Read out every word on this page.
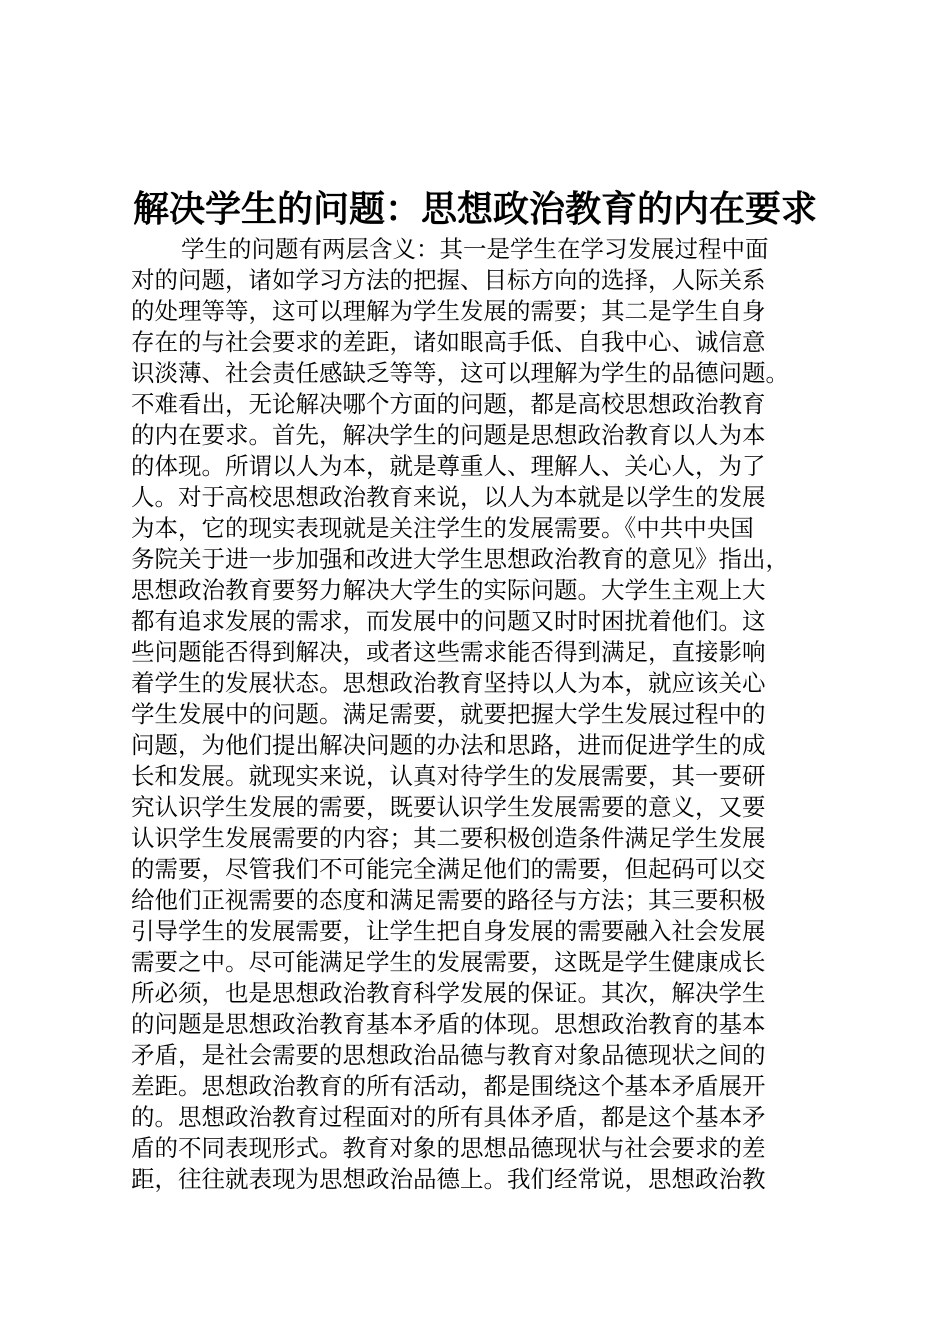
解决学生的问题：思想政治教育的内在要求
学生的问题有两层含义：其一是学生在学习发展过程中面
对的问题，诸如学习方法的把握、目标方向的选择，人际关系
的处理等等，这可以理解为学生发展的需要；其二是学生自身
存在的与社会要求的差距，诸如眼高手低、自我中心、诚信意
识淡薄、社会责任感缺乏等等，这可以理解为学生的品德问题。
不难看出，无论解决哪个方面的问题，都是高校思想政治教育
的内在要求。首先，解决学生的问题是思想政治教育以人为本
的体现。所谓以人为本，就是尊重人、理解人、关心人，为了
人。对于高校思想政治教育来说，以人为本就是以学生的发展
为本，它的现实表现就是关注学生的发展需要。《中共中央国
务院关于进一步加强和改进大学生思想政治教育的意见》指出，
思想政治教育要努力解决大学生的实际问题。大学生主观上大
都有追求发展的需求，而发展中的问题又时时困扰着他们。这
些问题能否得到解决，或者这些需求能否得到满足，直接影响
着学生的发展状态。思想政治教育坚持以人为本，就应该关心
学生发展中的问题。满足需要，就要把握大学生发展过程中的
问题，为他们提出解决问题的办法和思路，进而促进学生的成
长和发展。就现实来说，认真对待学生的发展需要，其一要研
究认识学生发展的需要，既要认识学生发展需要的意义，又要
认识学生发展需要的内容；其二要积极创造条件满足学生发展
的需要，尽管我们不可能完全满足他们的需要，但起码可以交
给他们正视需要的态度和满足需要的路径与方法；其三要积极
引导学生的发展需要，让学生把自身发展的需要融入社会发展
需要之中。尽可能满足学生的发展需要，这既是学生健康成长
所必须，也是思想政治教育科学发展的保证。其次，解决学生
的问题是思想政治教育基本矛盾的体现。思想政治教育的基本
矛盾，是社会需要的思想政治品德与教育对象品德现状之间的
差距。思想政治教育的所有活动，都是围绕这个基本矛盾展开
的。思想政治教育过程面对的所有具体矛盾，都是这个基本矛
盾的不同表现形式。教育对象的思想品德现状与社会要求的差
距，往往就表现为思想政治品德上。我们经常说，思想政治教
